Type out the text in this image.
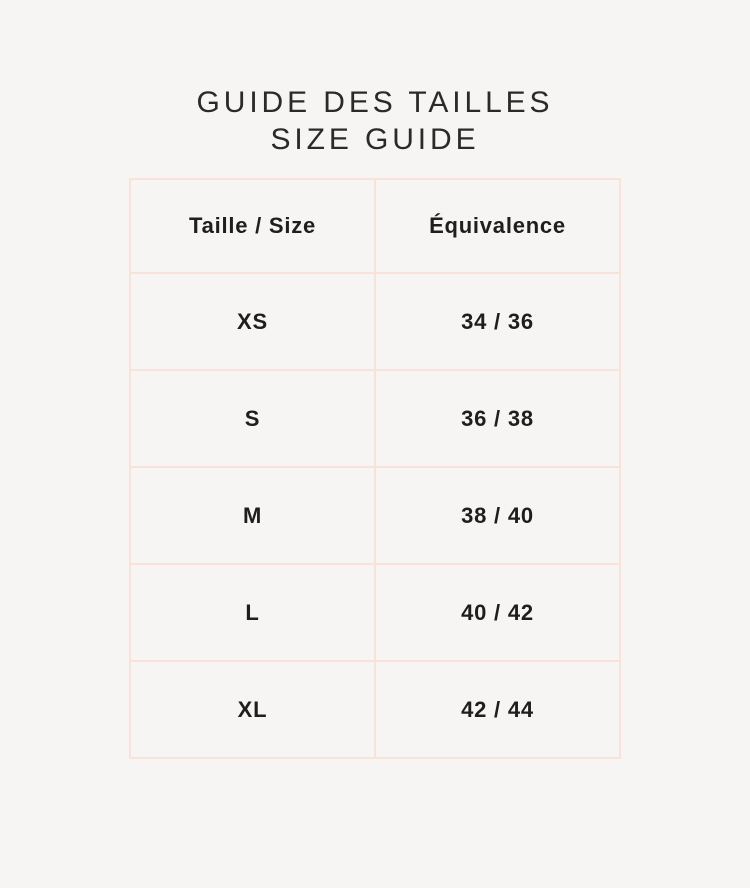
GUIDE DES TAILLES
SIZE GUIDE
Taille / Size	Équivalence
XS	34 / 36
S	36 / 38
M	38 / 40
L	40 / 42
XL	42 / 44
